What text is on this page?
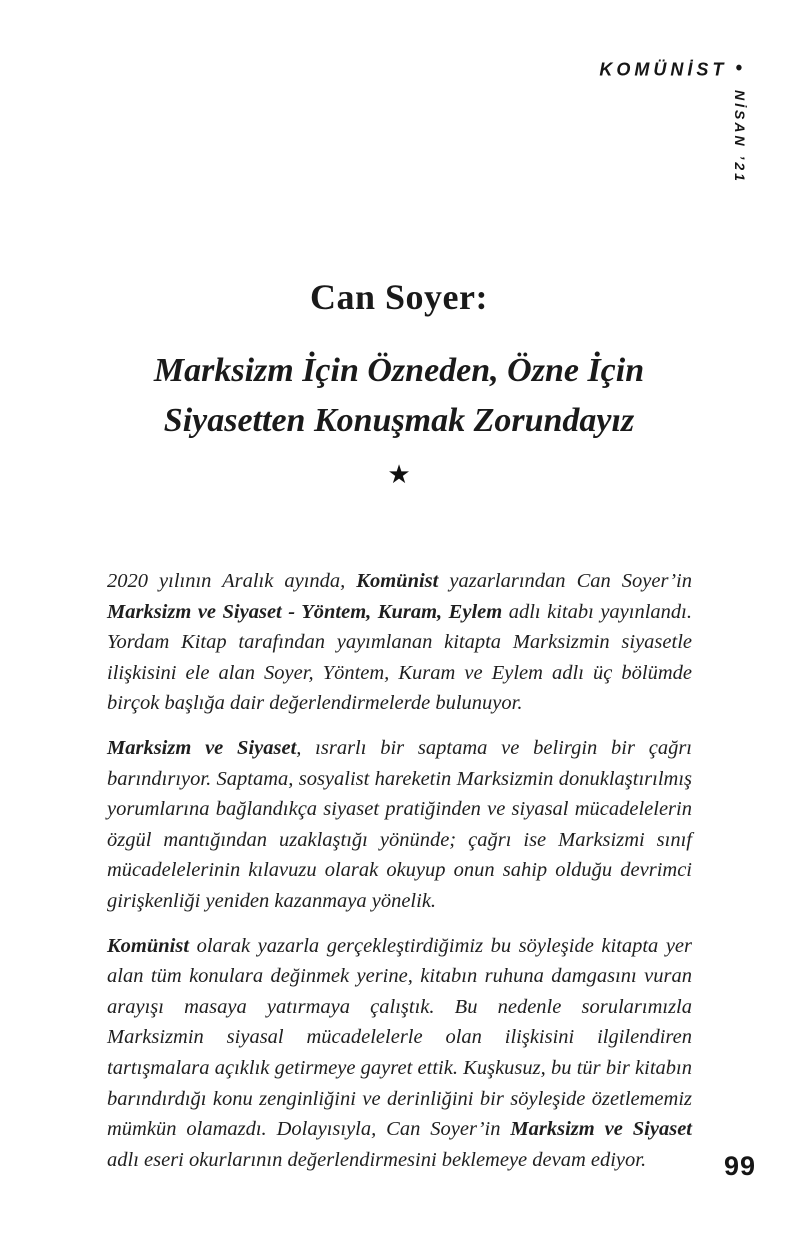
KOMÜNİST •
NİSAN ’21
Can Soyer:
Marksizm İçin Özneden, Özne İçin
Siyasetten Konuşmak Zorundayız
★

2020 yılının Aralık ayında, Komünist yazarlarından Can Soyer’in Marksizm ve Siyaset - Yöntem, Kuram, Eylem adlı kitabı yayınlandı. Yordam Kitap tarafından yayımlanan kitapta Marksizmin siyasetle ilişkisini ele alan Soyer, Yöntem, Kuram ve Eylem adlı üç bölümde birçok başlığa dair değerlendirmelerde bulunuyor.

Marksizm ve Siyaset, ısrarlı bir saptama ve belirgin bir çağrı barındırıyor. Saptama, sosyalist hareketin Marksizmin donuklaştırılmış yorumlarına bağlandıkça siyaset pratiğinden ve siyasal mücadelelerin özgül mantığından uzaklaştığı yönünde; çağrı ise Marksizmi sınıf mücadelelerinin kılavuzu olarak okuyup onun sahip olduğu devrimci girişkenliği yeniden kazanmaya yönelik.

Komünist olarak yazarla gerçekleştirdiğimiz bu söyleşide kitapta yer alan tüm konulara değinmek yerine, kitabın ruhuna damgasını vuran arayışı masaya yatırmaya çalıştık. Bu nedenle sorularımızla Marksizmin siyasal mücadelelerle olan ilişkisini ilgilendiren tartışmalara açıklık getirmeye gayret ettik. Kuşkusuz, bu tür bir kitabın barındırdığı konu zenginliğini ve derinliğini bir söyleşide özetlememiz mümkün olamazdı. Dolayısıyla, Can Soyer’in Marksizm ve Siyaset adlı eseri okurlarının değerlendirmesini beklemeye devam ediyor.	99
